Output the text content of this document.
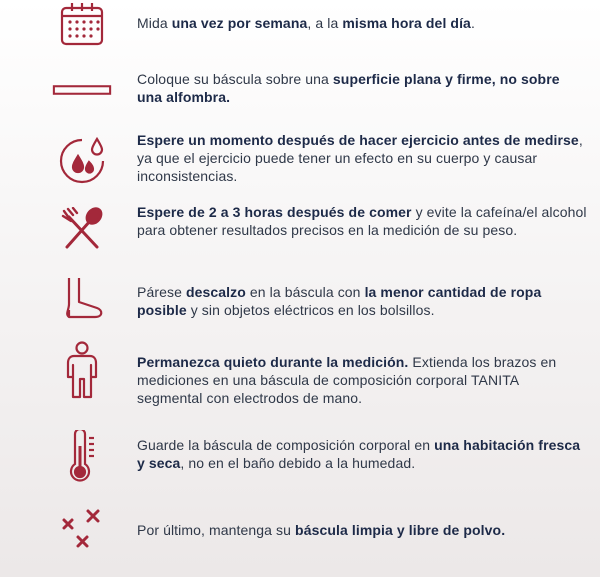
Mida una vez por semana, a la misma hora del día.
Coloque su báscula sobre una superficie plana y firme, no sobre una alfombra.
Espere un momento después de hacer ejercicio antes de medirse, ya que el ejercicio puede tener un efecto en su cuerpo y causar inconsistencias.
Espere de 2 a 3 horas después de comer y evite la cafeína/el alcohol para obtener resultados precisos en la medición de su peso.
Párese descalzo en la báscula con la menor cantidad de ropa posible y sin objetos eléctricos en los bolsillos.
Permanezca quieto durante la medición. Extienda los brazos en mediciones en una báscula de composición corporal TANITA segmental con electrodos de mano.
Guarde la báscula de composición corporal en una habitación fresca y seca, no en el baño debido a la humedad.
Por último, mantenga su báscula limpia y libre de polvo.
